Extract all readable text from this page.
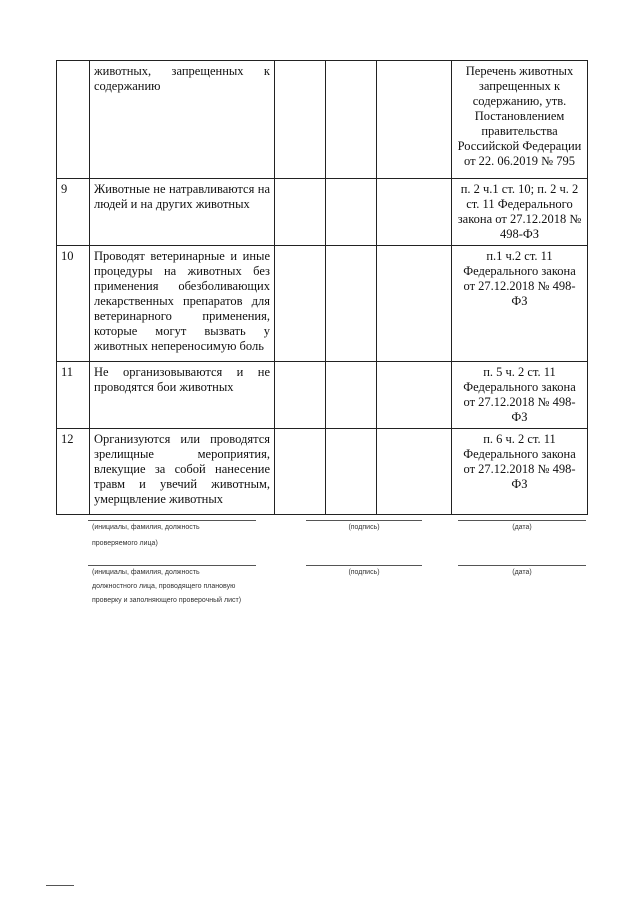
	животных, запрещенных к содержанию				Перечень животных запрещенных к содержанию, утв. Постановлением правительства Российской Федерации от 22. 06.2019 № 795
9	Животные не натравливаются на людей и на других животных				п. 2 ч.1 ст. 10; п. 2 ч. 2 ст. 11 Федерального закона от 27.12.2018 № 498-ФЗ
10	Проводят ветеринарные и иные процедуры на животных без применения обезболивающих лекарственных препаратов для ветеринарного применения, которые могут вызвать у животных непереносимую боль				п.1 ч.2 ст. 11 Федерального закона от 27.12.2018 № 498-ФЗ
11	Не организовываются и не проводятся бои животных				п. 5 ч. 2 ст. 11 Федерального закона от 27.12.2018 № 498-ФЗ
12	Организуются или проводятся зрелищные мероприятия, влекущие за собой нанесение травм и увечий животным, умерщвление животных				п. 6 ч. 2 ст. 11 Федерального закона от 27.12.2018 № 498-ФЗ
(инициалы, фамилия, должность
проверяемого лица)
(подпись)	(дата)
(инициалы, фамилия, должность
должностного лица, проводящего плановую
проверку и заполняющего проверочный лист)
(подпись)	(дата)
